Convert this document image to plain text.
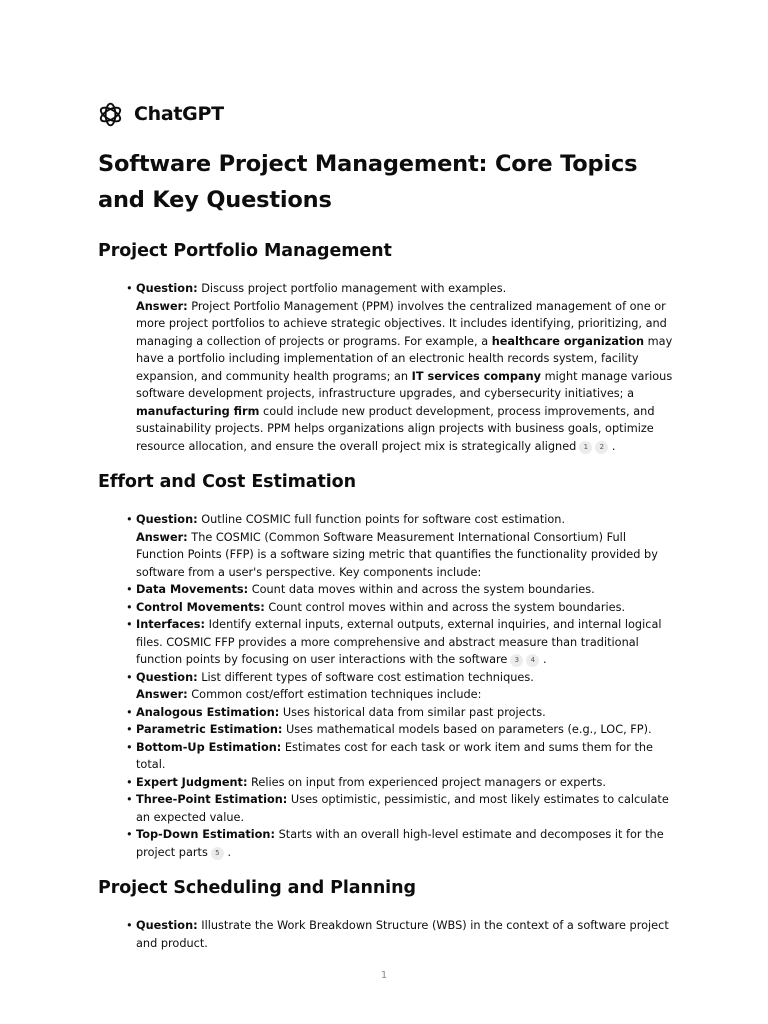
ChatGPT
Software Project Management: Core Topics and Key Questions
Project Portfolio Management
• Question: Discuss project portfolio management with examples.
Answer: Project Portfolio Management (PPM) involves the centralized management of one or more project portfolios to achieve strategic objectives. It includes identifying, prioritizing, and managing a collection of projects or programs. For example, a healthcare organization may have a portfolio including implementation of an electronic health records system, facility expansion, and community health programs; an IT services company might manage various software development projects, infrastructure upgrades, and cybersecurity initiatives; a manufacturing firm could include new product development, process improvements, and sustainability projects. PPM helps organizations align projects with business goals, optimize resource allocation, and ensure the overall project mix is strategically aligned 1 2 .
Effort and Cost Estimation
• Question: Outline COSMIC full function points for software cost estimation.
Answer: The COSMIC (Common Software Measurement International Consortium) Full Function Points (FFP) is a software sizing metric that quantifies the functionality provided by software from a user's perspective. Key components include:
• Data Movements: Count data moves within and across the system boundaries.
• Control Movements: Count control moves within and across the system boundaries.
• Interfaces: Identify external inputs, external outputs, external inquiries, and internal logical files. COSMIC FFP provides a more comprehensive and abstract measure than traditional function points by focusing on user interactions with the software 3 4 .
• Question: List different types of software cost estimation techniques.
Answer: Common cost/effort estimation techniques include:
• Analogous Estimation: Uses historical data from similar past projects.
• Parametric Estimation: Uses mathematical models based on parameters (e.g., LOC, FP).
• Bottom-Up Estimation: Estimates cost for each task or work item and sums them for the total.
• Expert Judgment: Relies on input from experienced project managers or experts.
• Three-Point Estimation: Uses optimistic, pessimistic, and most likely estimates to calculate an expected value.
• Top-Down Estimation: Starts with an overall high-level estimate and decomposes it for the project parts 5 .
Project Scheduling and Planning
• Question: Illustrate the Work Breakdown Structure (WBS) in the context of a software project and product.
1
